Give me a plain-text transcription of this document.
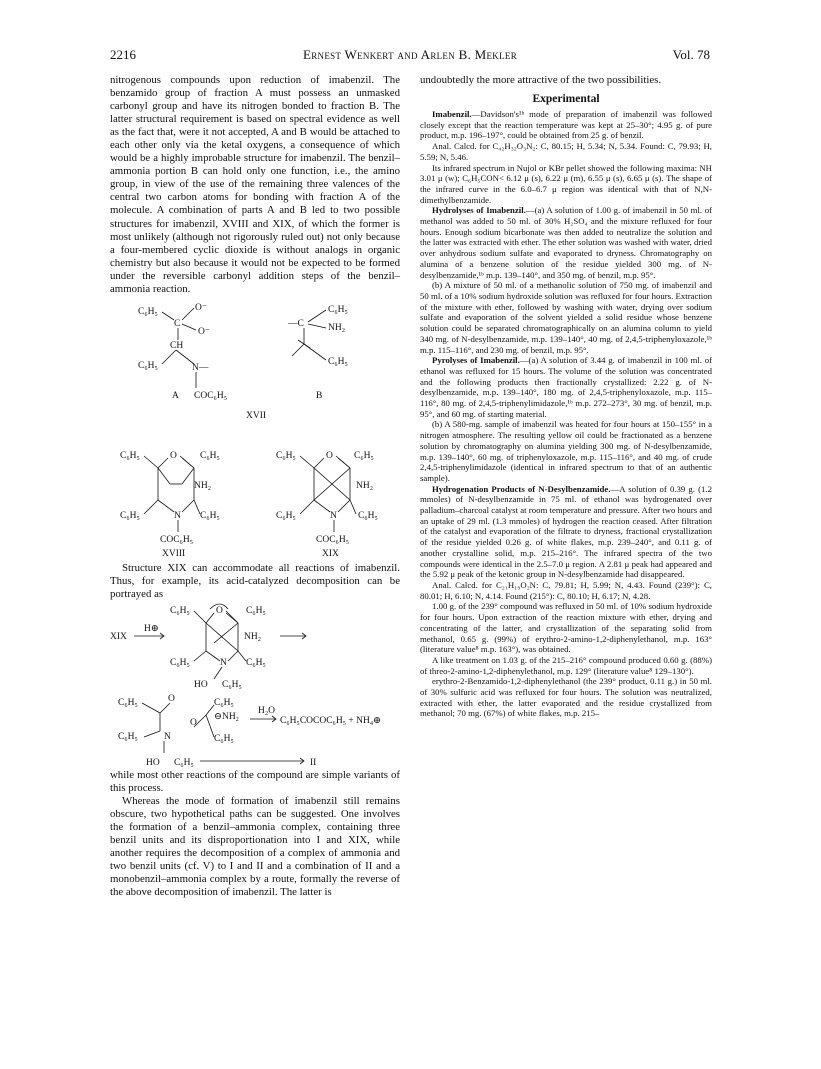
2216	Ernest Wenkert and Arlen B. Mekler	Vol. 78

nitrogenous compounds upon reduction of imabenzil. The benzamido group of fraction A must possess an unmasked carbonyl group and have its nitrogen bonded to fraction B. The latter structural requirement is based on spectral evidence as well as the fact that, were it not accepted, A and B would be attached to each other only via the ketal oxygens, a consequence of which would be a highly improbable structure for imabenzil. The benzil–ammonia portion B can hold only one function, i.e., the amino group, in view of the use of the remaining three valences of the central two carbon atoms for bonding with fraction A of the molecule. A combination of parts A and B led to two possible structures for imabenzil, XVIII and XIX, of which the former is most unlikely (although not rigorously ruled out) not only because a four-membered cyclic dioxide is without analogs in organic chemistry but also because it would not be expected to be formed under the reversible carbonyl addition steps of the benzil–ammonia reaction.

C₆H₅	O⁻
C
O⁻
CH
C₆H₅	N—
A COC₆H₅
—C
C₆H₅
NH₂
C₆H₅
B
XVII
C₆H₅	O C₆H₅
NH₂
C₆H₅	N C₆H₅
COC₆H₅
XVIII
C₆H₅	O C₆H₅
NH₂
C₆H₅	N C₆H₅
COC₆H₅
XIX

Structure XIX can accommodate all reactions of imabenzil. Thus, for example, its acid-catalyzed decomposition can be portrayed as

XIX
H⊕
C₆H₅	O C₆H₅
NH₂
C₆H₅	N C₆H₅
HO C₆H₅
C₆H₅	O	C₆H₅
⊖NH₂
H₂O
C₆H₅COCOC₆H₅ + NH₄⊕
O
C₆H₅
C₆H₅	N
HO C₆H₅	II

while most other reactions of the compound are simple variants of this process.

Whereas the mode of formation of imabenzil still remains obscure, two hypothetical paths can be suggested. One involves the formation of a benzil–ammonia complex, containing three benzil units and its disproportionation into I and XIX, while another requires the decomposition of a complex of ammonia and two benzil units (cf. V) to I and II and a combination of II and a monobenzil–ammonia complex by a route, formally the reverse of the above decomposition of imabenzil. The latter is

undoubtedly the more attractive of the two possibilities.

Experimental

Imabenzil.—Davidson's¹ᵇ mode of preparation of imabenzil was followed closely except that the reaction temperature was kept at 25–30°; 4.95 g. of pure product, m.p. 196–197°, could be obtained from 25 g. of benzil.

Anal. Calcd. for C₄₂H₃₂O₃N₂: C, 80.15; H, 5.34; N, 5.34. Found: C, 79.93; H, 5.59; N, 5.46.

Its infrared spectrum in Nujol or KBr pellet showed the following maxima: NH 3.01 μ (w); C₆H₅CON< 6.12 μ (s), 6.22 μ (m), 6.55 μ (s), 6.65 μ (s). The shape of the infrared curve in the 6.0–6.7 μ region was identical with that of N,N-dimethylbenzamide.

Hydrolyses of Imabenzil.—(a) A solution of 1.00 g. of imabenzil in 50 ml. of methanol was added to 50 ml. of 30% H₂SO₄ and the mixture refluxed for four hours. Enough sodium bicarbonate was then added to neutralize the solution and the latter was extracted with ether. The ether solution was washed with water, dried over anhydrous sodium sulfate and evaporated to dryness. Chromatography on alumina of a benzene solution of the residue yielded 300 mg. of N-desylbenzamide,¹ᵇ m.p. 139–140°, and 350 mg. of benzil, m.p. 95°.

(b) A mixture of 50 ml. of a methanolic solution of 750 mg. of imabenzil and 50 ml. of a 10% sodium hydroxide solution was refluxed for four hours. Extraction of the mixture with ether, followed by washing with water, drying over sodium sulfate and evaporation of the solvent yielded a solid residue whose benzene solution could be separated chromatographically on an alumina column to yield 340 mg. of N-desylbenzamide, m.p. 139–140°, 40 mg. of 2,4,5-triphenyloxazole,¹ᵇ m.p. 115–116°, and 230 mg. of benzil, m.p. 95°.

Pyrolyses of Imabenzil.—(a) A solution of 3.44 g. of imabenzil in 100 ml. of ethanol was refluxed for 15 hours. The volume of the solution was concentrated and the following products then fractionally crystallized: 2.22 g. of N-desylbenzamide, m.p. 139–140°, 180 mg. of 2,4,5-triphenyloxazole, m.p. 115–116°, 80 mg. of 2,4,5-triphenylimidazole,¹ᵇ m.p. 272–273°, 30 mg. of benzil, m.p. 95°, and 60 mg. of starting material.

(b) A 580-mg. sample of imabenzil was heated for four hours at 150–155° in a nitrogen atmosphere. The resulting yellow oil could be fractionated as a benzene solution by chromatography on alumina yielding 300 mg. of N-desylbenzamide, m.p. 139–140°, 60 mg. of triphenyloxazole, m.p. 115–116°, and 40 mg. of crude 2,4,5-triphenylimidazole (identical in infrared spectrum to that of an authentic sample).

Hydrogenation Products of N-Desylbenzamide.—A solution of 0.39 g. (1.2 mmoles) of N-desylbenzamide in 75 ml. of ethanol was hydrogenated over palladium–charcoal catalyst at room temperature and pressure. After two hours and an uptake of 29 ml. (1.3 mmoles) of hydrogen the reaction ceased. After filtration of the catalyst and evaporation of the filtrate to dryness, fractional crystallization of the residue yielded 0.26 g. of white flakes, m.p. 239–240°, and 0.11 g. of another crystalline solid, m.p. 215–216°. The infrared spectra of the two compounds were identical in the 2.5–7.0 μ region. A 2.81 μ peak had appeared and the 5.92 μ peak of the ketonic group in N-desylbenzamide had disappeared.

Anal. Calcd. for C₂₁H₁₉O₂N: C, 79.81; H, 5.99; N, 4.43. Found (239°): C, 80.01; H, 6.10; N, 4.14. Found (215°): C, 80.10; H, 6.17; N, 4.28.

1.00 g. of the 239° compound was refluxed in 50 ml. of 10% sodium hydroxide for four hours. Upon extraction of the reaction mixture with ether, drying and concentrating of the latter, and crystallization of the separating solid from methanol, 0.65 g. (99%) of erythro-2-amino-1,2-diphenylethanol, m.p. 163° (literature value⁸ m.p. 163°), was obtained.

A like treatment on 1.03 g. of the 215–216° compound produced 0.60 g. (88%) of threo-2-amino-1,2-diphenylethanol, m.p. 129° (literature value⁸ 129–130°).

erythro-2-Benzamido-1,2-diphenylethanol (the 239° product, 0.11 g.) in 50 ml. of 30% sulfuric acid was refluxed for four hours. The solution was neutralized, extracted with ether, the latter evaporated and the residue crystallized from methanol; 70 mg. (67%) of white flakes, m.p. 215–
